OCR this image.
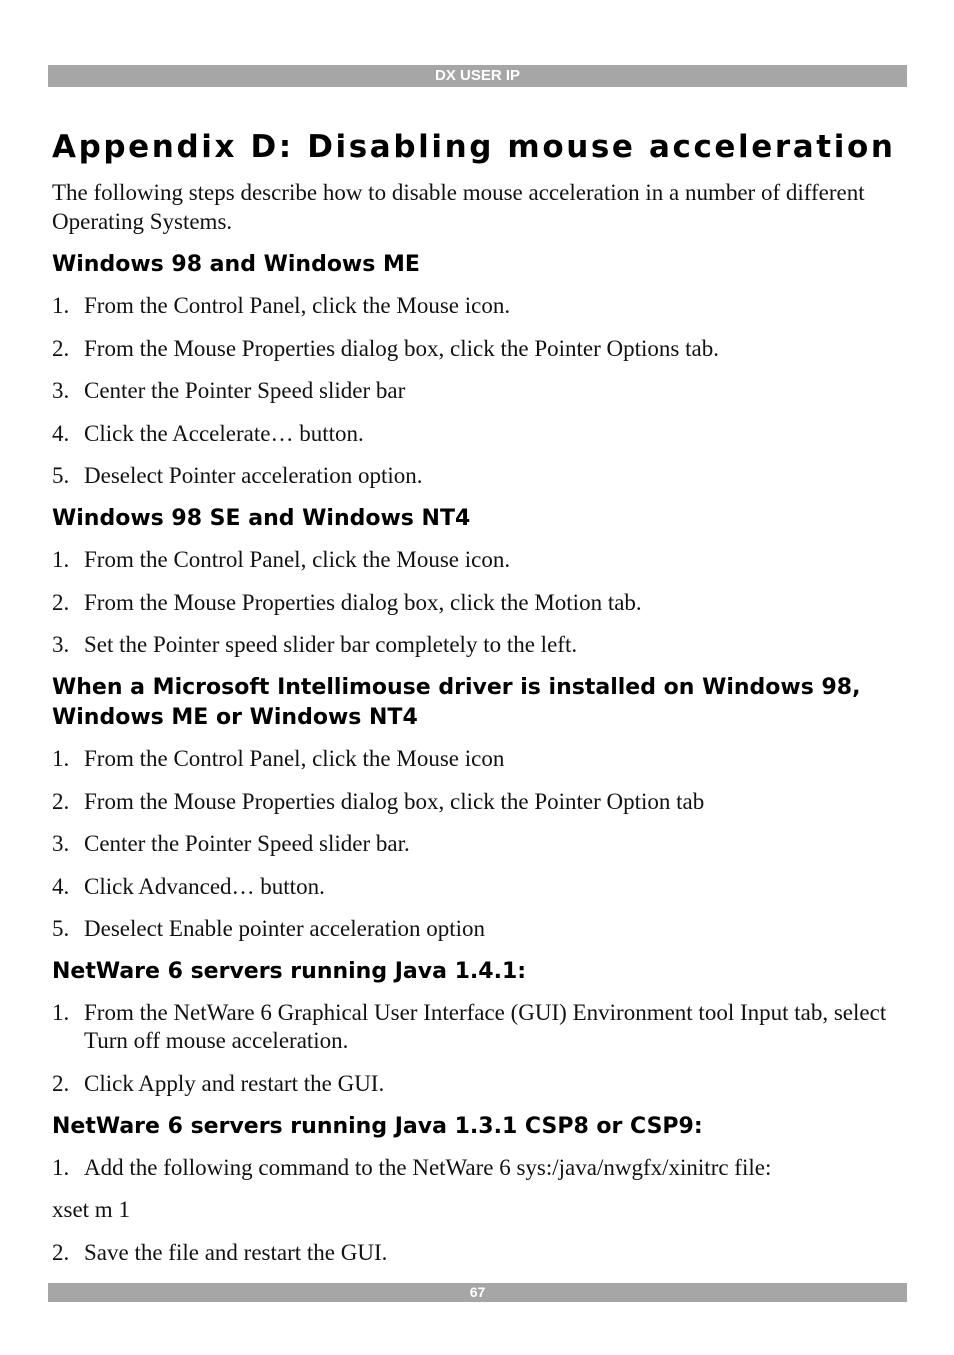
DX USER IP
Appendix D: Disabling mouse acceleration

The following steps describe how to disable mouse acceleration in a number of different Operating Systems.

Windows 98 and Windows ME
1. From the Control Panel, click the Mouse icon.
2. From the Mouse Properties dialog box, click the Pointer Options tab.
3. Center the Pointer Speed slider bar
4. Click the Accelerate… button.
5. Deselect Pointer acceleration option.
Windows 98 SE and Windows NT4
1. From the Control Panel, click the Mouse icon.
2. From the Mouse Properties dialog box, click the Motion tab.
3. Set the Pointer speed slider bar completely to the left.
When a Microsoft Intellimouse driver is installed on Windows 98, Windows ME or Windows NT4
1. From the Control Panel, click the Mouse icon
2. From the Mouse Properties dialog box, click the Pointer Option tab
3. Center the Pointer Speed slider bar.
4. Click Advanced… button.
5. Deselect Enable pointer acceleration option
NetWare 6 servers running Java 1.4.1:
1. From the NetWare 6 Graphical User Interface (GUI) Environment tool Input tab, select Turn off mouse acceleration.
2. Click Apply and restart the GUI.
NetWare 6 servers running Java 1.3.1 CSP8 or CSP9:
1. Add the following command to the NetWare 6 sys:/java/nwgfx/xinitrc file:
xset m 1
2. Save the file and restart the GUI.
67
